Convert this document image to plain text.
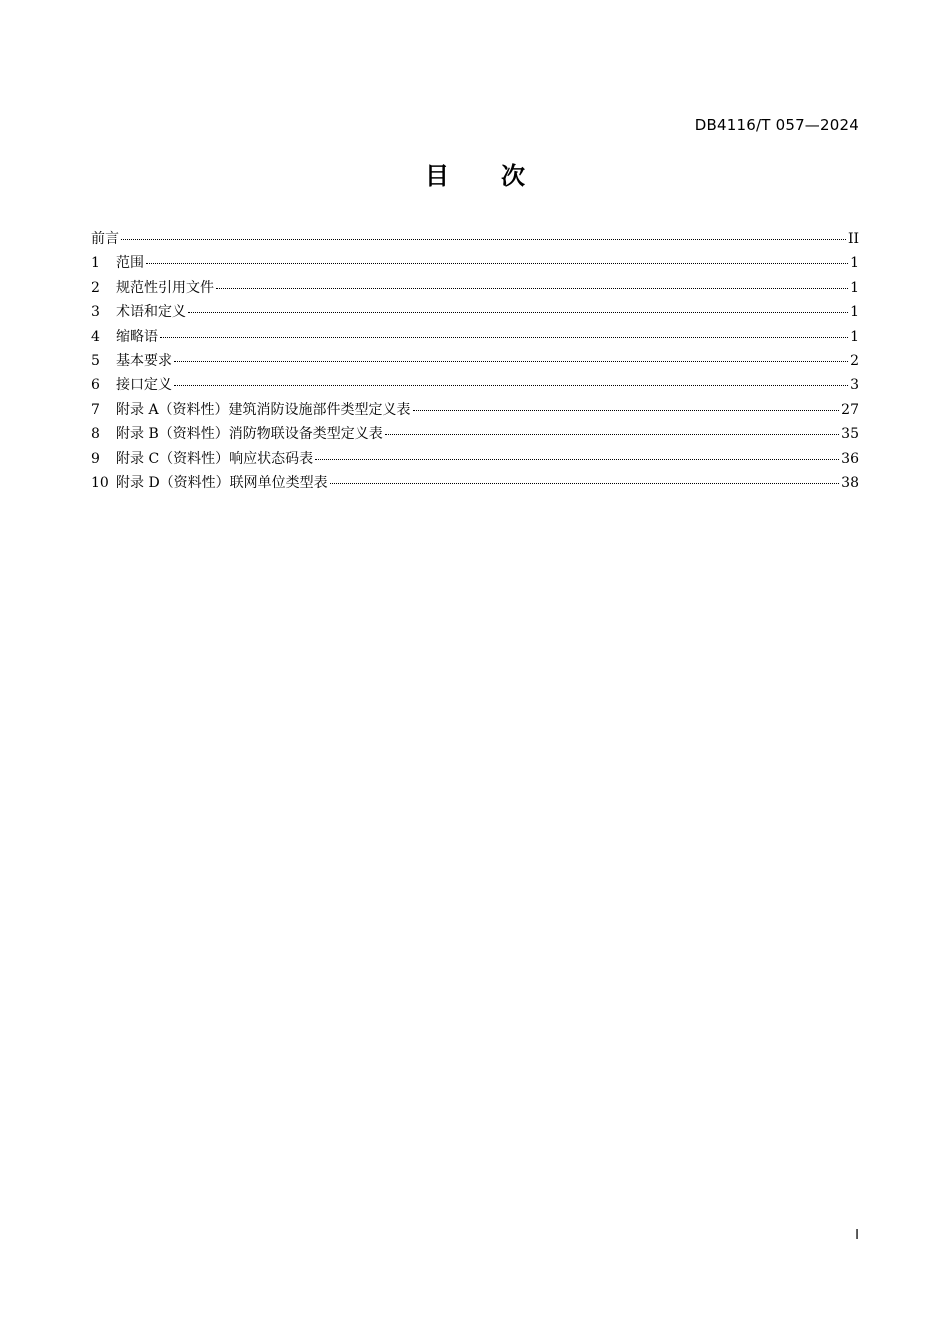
DB4116/T 057—2024
目 次
前言	II
1	范围	1
2	规范性引用文件	1
3	术语和定义	1
4	缩略语	1
5	基本要求	2
6	接口定义	3
7	附录 A（资料性）建筑消防设施部件类型定义表	27
8	附录 B（资料性）消防物联设备类型定义表	35
9	附录 C（资料性）响应状态码表	36
10 附录 D（资料性）联网单位类型表	38
I
